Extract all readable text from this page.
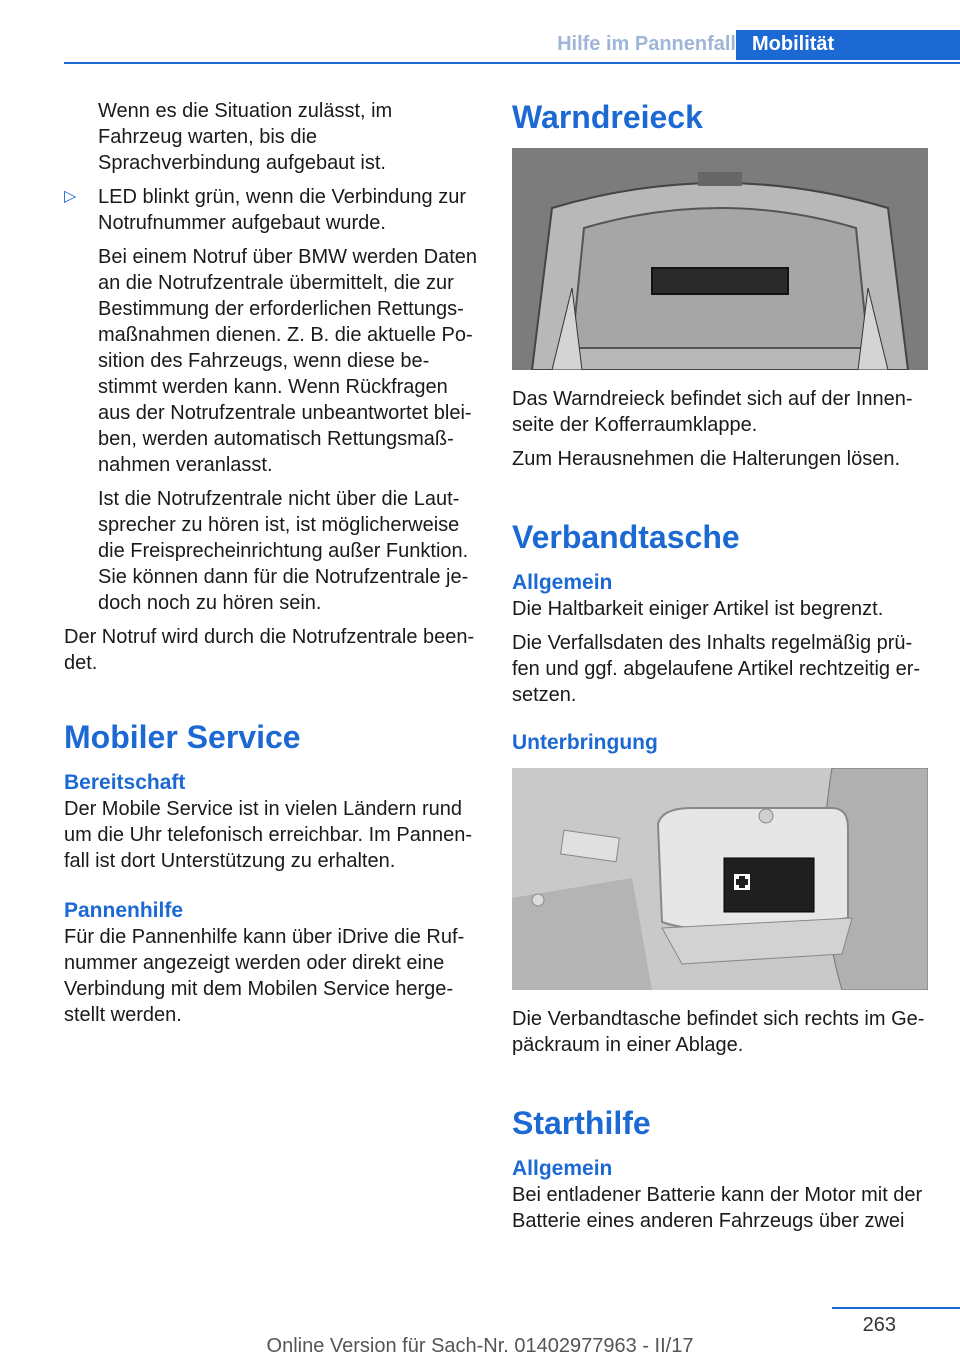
Hilfe im Pannenfall Mobilität

Wenn es die Situation zulässt, im Fahrzeug warten, bis die Sprachverbindung aufgebaut ist.

▷ LED blinkt grün, wenn die Verbindung zur Notrufnummer aufgebaut wurde.

Bei einem Notruf über BMW werden Daten an die Notrufzentrale übermittelt, die zur Bestimmung der erforderlichen Rettungsmaßnahmen dienen. Z. B. die aktuelle Position des Fahrzeugs, wenn diese bestimmt werden kann. Wenn Rückfragen aus der Notrufzentrale unbeantwortet bleiben, werden automatisch Rettungsmaßnahmen veranlasst.

Ist die Notrufzentrale nicht über die Lautsprecher zu hören ist, ist möglicherweise die Freisprecheinrichtung außer Funktion. Sie können dann für die Notrufzentrale jedoch noch zu hören sein.

Der Notruf wird durch die Notrufzentrale beendet.

Mobiler Service
Bereitschaft

Der Mobile Service ist in vielen Ländern rund um die Uhr telefonisch erreichbar. Im Pannenfall ist dort Unterstützung zu erhalten.

Pannenhilfe

Für die Pannenhilfe kann über iDrive die Rufnummer angezeigt werden oder direkt eine Verbindung mit dem Mobilen Service hergestellt werden.

Warndreieck

Das Warndreieck befindet sich auf der Innenseite der Kofferraumklappe.

Zum Herausnehmen die Halterungen lösen.

Verbandtasche
Allgemein

Die Haltbarkeit einiger Artikel ist begrenzt.

Die Verfallsdaten des Inhalts regelmäßig prüfen und ggf. abgelaufene Artikel rechtzeitig ersetzen.

Unterbringung

Die Verbandtasche befindet sich rechts im Gepäckraum in einer Ablage.

Starthilfe
Allgemein

Bei entladener Batterie kann der Motor mit der Batterie eines anderen Fahrzeugs über zwei

263
Online Version für Sach-Nr. 01402977963 - II/17
